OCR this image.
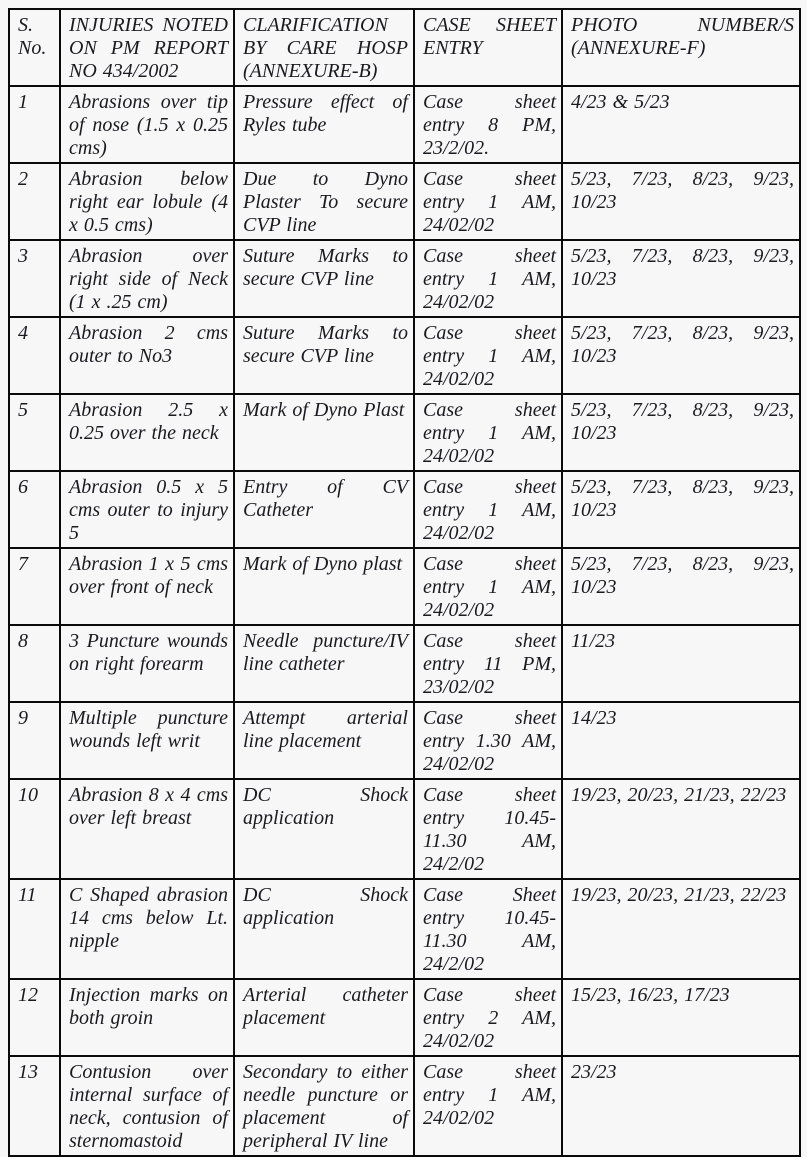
S. No.	INJURIES NOTED ON PM REPORT NO 434/2002	CLARIFICATION BY CARE HOSP (ANNEXURE-B)	CASE SHEET ENTRY	PHOTO NUMBER/S (ANNEXURE-F)
1	Abrasions over tip of nose (1.5 x 0.25 cms)	Pressure effect of Ryles tube	Case sheet entry 8 PM, 23/2/02.	4/23 & 5/23
2	Abrasion below right ear lobule (4 x 0.5 cms)	Due to Dyno Plaster To secure CVP line	Case sheet entry 1 AM, 24/02/02	5/23, 7/23, 8/23, 9/23, 10/23
3	Abrasion over right side of Neck (1 x .25 cm)	Suture Marks to secure CVP line	Case sheet entry 1 AM, 24/02/02	5/23, 7/23, 8/23, 9/23, 10/23
4	Abrasion 2 cms outer to No3	Suture Marks to secure CVP line	Case sheet entry 1 AM, 24/02/02	5/23, 7/23, 8/23, 9/23, 10/23
5	Abrasion 2.5 x 0.25 over the neck	Mark of Dyno Plast	Case sheet entry 1 AM, 24/02/02	5/23, 7/23, 8/23, 9/23, 10/23
6	Abrasion 0.5 x 5 cms outer to injury 5	Entry of CV Catheter	Case sheet entry 1 AM, 24/02/02	5/23, 7/23, 8/23, 9/23, 10/23
7	Abrasion 1 x 5 cms over front of neck	Mark of Dyno plast	Case sheet entry 1 AM, 24/02/02	5/23, 7/23, 8/23, 9/23, 10/23
8	3 Puncture wounds on right forearm	Needle puncture/IV line catheter	Case sheet entry 11 PM, 23/02/02	11/23
9	Multiple puncture wounds left writ	Attempt arterial line placement	Case sheet entry 1.30 AM, 24/02/02	14/23
10	Abrasion 8 x 4 cms over left breast	DC Shock application	Case sheet entry 10.45-11.30 AM, 24/2/02	19/23, 20/23, 21/23, 22/23
11	C Shaped abrasion 14 cms below Lt. nipple	DC Shock application	Case Sheet entry 10.45- 11.30 AM, 24/2/02	19/23, 20/23, 21/23, 22/23
12	Injection marks on both groin	Arterial catheter placement	Case sheet entry 2 AM, 24/02/02	15/23, 16/23, 17/23
13	Contusion over internal surface of neck, contusion of sternomastoid	Secondary to either needle puncture or placement of peripheral IV line	Case sheet entry 1 AM, 24/02/02	23/23
